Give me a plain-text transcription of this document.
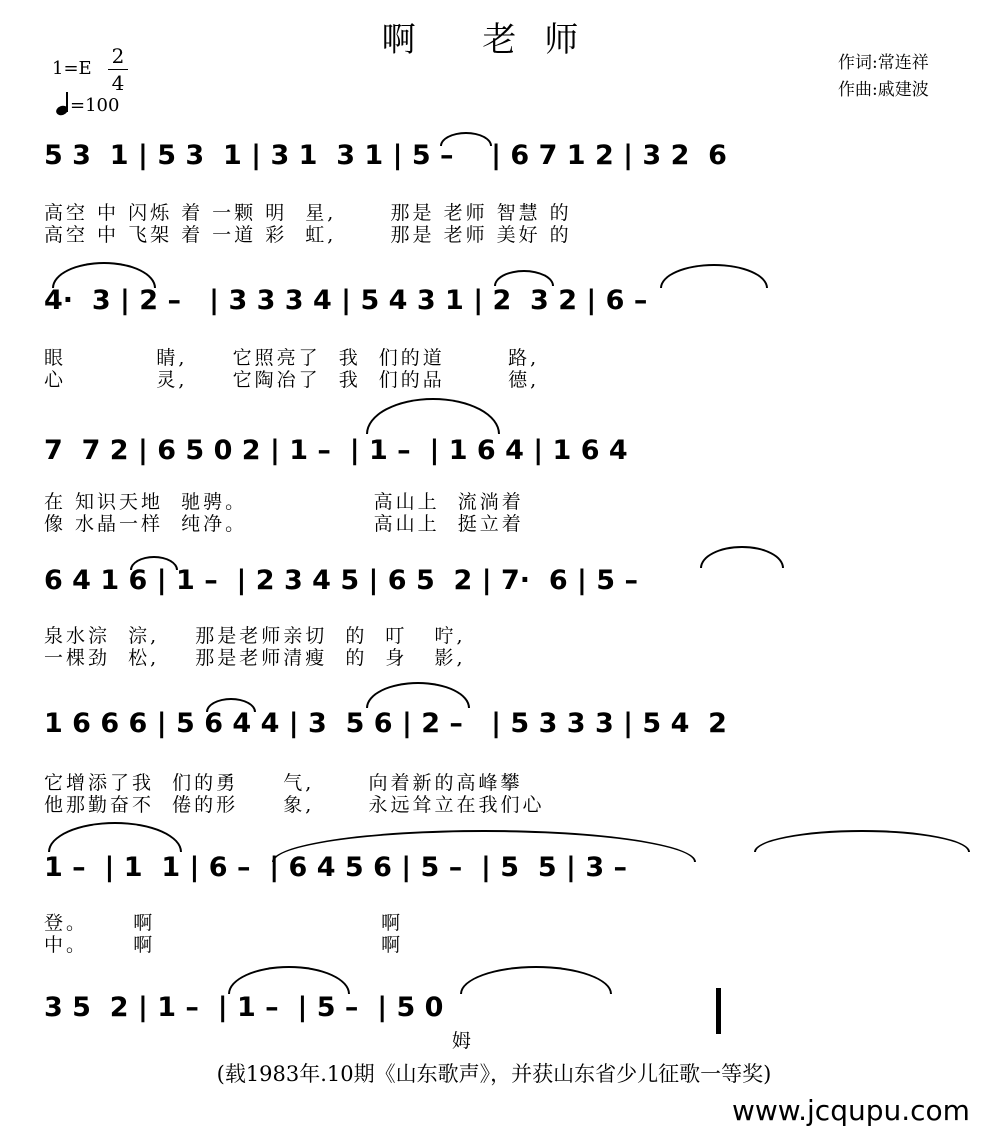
啊 老师
1=E
2
4
=100
作词:常连祥
作曲:戚建波
5 3  1 | 5 3  1 | 3 1  3 1 | 5 –    | 6 7 1 2 | 3 2  6
高空 中 闪烁 着 一颗 明  星,      那是 老师 智慧 的
高空 中 飞架 着 一道 彩  虹,      那是 老师 美好 的
4·  3 | 2 –   | 3 3 3 4 | 5 4 3 1 | 2  3 2 | 6 –
眼          睛,     它照亮了  我  们的道       路,
心          灵,     它陶冶了  我  们的品       德,
7  7 2 | 6 5 0 2 | 1 –  | 1 –  | 1 6 4 | 1 6 4
在 知识天地  驰骋。              高山上  流淌着
像 水晶一样  纯净。              高山上  挺立着
6 4 1 6 | 1 –  | 2 3 4 5 | 6 5  2 | 7·  6 | 5 –
泉水淙  淙,    那是老师亲切  的  叮   咛,
一棵劲  松,    那是老师清瘦  的  身   影,
1 6 6 6 | 5 6 4 4 | 3  5 6 | 2 –   | 5 3 3 3 | 5 4  2
它增添了我  们的勇     气,      向着新的高峰攀
他那勤奋不  倦的形     象,      永远耸立在我们心
1 –  | 1  1 | 6 –  | 6 4 5 6 | 5 –  | 5  5 | 3 –
登。     啊                         啊
中。     啊                         啊
3 5  2 | 1 –  | 1 –  | 5 –  | 5 0
姆
(载1983年.10期《山东歌声》，并获山东省少儿征歌一等奖)
www.jcqupu.com
